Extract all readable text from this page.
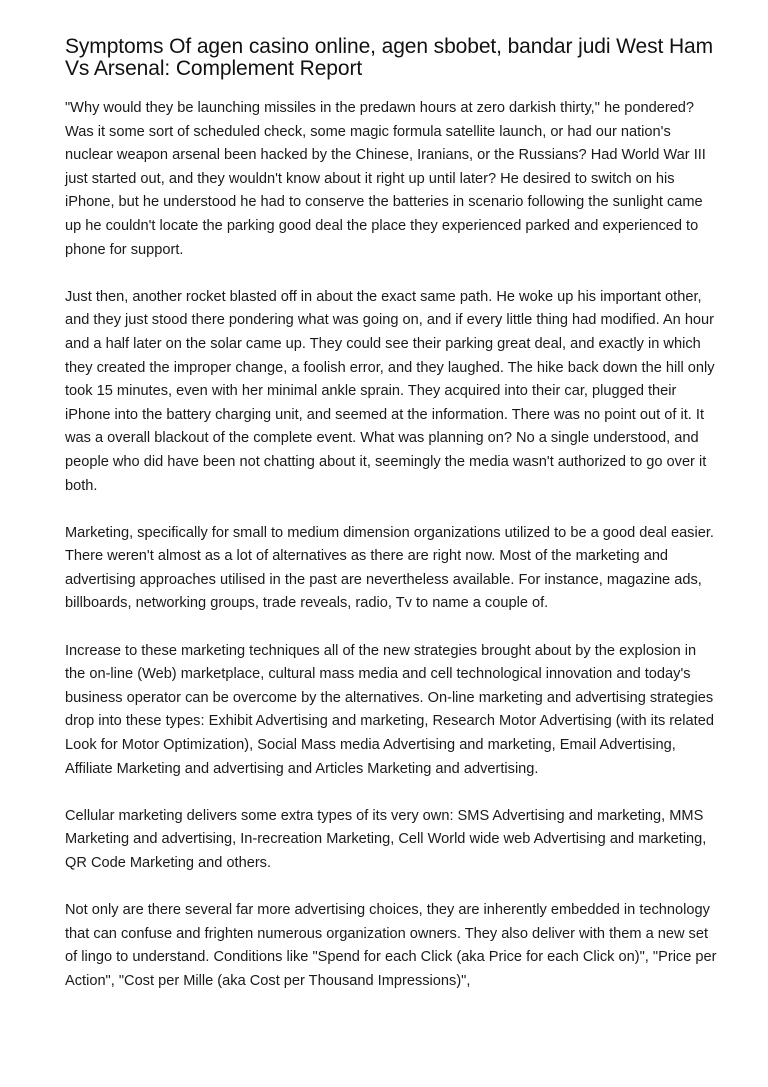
Symptoms Of agen casino online, agen sbobet, bandar judi West Ham Vs Arsenal: Complement Report

"Why would they be launching missiles in the predawn hours at zero darkish thirty," he pondered? Was it some sort of scheduled check, some magic formula satellite launch, or had our nation's nuclear weapon arsenal been hacked by the Chinese, Iranians, or the Russians? Had World War III just started out, and they wouldn't know about it right up until later? He desired to switch on his iPhone, but he understood he had to conserve the batteries in scenario following the sunlight came up he couldn't locate the parking good deal the place they experienced parked and experienced to phone for support.

Just then, another rocket blasted off in about the exact same path. He woke up his important other, and they just stood there pondering what was going on, and if every little thing had modified. An hour and a half later on the solar came up. They could see their parking great deal, and exactly in which they created the improper change, a foolish error, and they laughed. The hike back down the hill only took 15 minutes, even with her minimal ankle sprain. They acquired into their car, plugged their iPhone into the battery charging unit, and seemed at the information. There was no point out of it. It was a overall blackout of the complete event. What was planning on? No a single understood, and people who did have been not chatting about it, seemingly the media wasn't authorized to go over it both.

Marketing, specifically for small to medium dimension organizations utilized to be a good deal easier. There weren't almost as a lot of alternatives as there are right now. Most of the marketing and advertising approaches utilised in the past are nevertheless available. For instance, magazine ads, billboards, networking groups, trade reveals, radio, Tv to name a couple of.

Increase to these marketing techniques all of the new strategies brought about by the explosion in the on-line (Web) marketplace, cultural mass media and cell technological innovation and today's business operator can be overcome by the alternatives. On-line marketing and advertising strategies drop into these types: Exhibit Advertising and marketing, Research Motor Advertising (with its related Look for Motor Optimization), Social Mass media Advertising and marketing, Email Advertising, Affiliate Marketing and advertising and Articles Marketing and advertising.

Cellular marketing delivers some extra types of its very own: SMS Advertising and marketing, MMS Marketing and advertising, In-recreation Marketing, Cell World wide web Advertising and marketing, QR Code Marketing and others.

Not only are there several far more advertising choices, they are inherently embedded in technology that can confuse and frighten numerous organization owners. They also deliver with them a new set of lingo to understand. Conditions like "Spend for each Click (aka Price for each Click on)", "Price per Action", "Cost per Mille (aka Cost per Thousand Impressions)",
